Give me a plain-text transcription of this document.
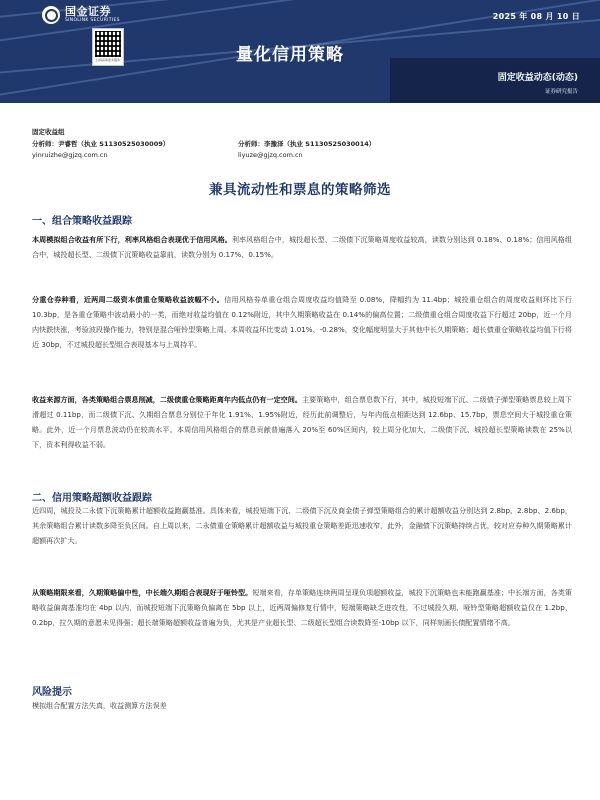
国金证券
SINOLINK SECURITIES	2025 年 08 月 10 日
扫码获取更多服务	量化信用策略
固定收益动态(动态)
证券研究报告
固定收益组
分析师：尹睿哲（执业 S1130525030009）
yinruizhe@gjzq.com.cn
分析师：李豫泽（执业 S1130525030014）
liyuze@gjzq.com.cn
兼具流动性和票息的策略筛选
一、组合策略收益跟踪
本周模拟组合收益有所下行，利率风格组合表现优于信用风格。利率风格组合中，城投超长型、二级债下沉策略周度收益较高，读数分别达到 0.18%、0.18%；信用风格组合中，城投超长型、二级债下沉策略收益靠前，读数分别为 0.17%、0.15%。
分重仓券种看，近两周二级资本债重仓策略收益波幅不小。信用风格券单重仓组合周度收益均值降至 0.08%，降幅约为 11.4bp；城投重仓组合的周度收益则环比下行 10.3bp，是各重仓策略中波动最小的一类，而绝对收益均值在 0.12%附近，其中久期策略收益在 0.14%的偏高位置；二级债重仓组合周度收益下行超过 20bp，近一个月内快跌快涨，考验波段操作能力，特别是混合哑铃型策略上周、本周收益环比变动 1.01%、-0.28%，变化幅度明显大于其他中长久期策略；超长债重仓策略收益均值下行将近 30bp，不过城投超长型组合表现基本与上周持平。
收益来源方面，各类策略组合票息削减，二级债重仓策略距离年内低点仍有一定空间。主要策略中，组合票息数下行，其中，城投短端下沉、二级债子弹型策略票息较上周下滑超过 0.11bp，而二级债下沉、久期组合票息分别位于年化 1.91%、1.95%附近，经历此前调整后，与年内低点相距达到 12.6bp、15.7bp，票息空间大于城投重仓策略。此外，近一个月票息波动仍在较高水平。本周信用风格组合的票息贡献普遍落入 20%至 60%区间内，较上周分化加大，二级债下沉、城投超长型策略读数在 25%以下，资本利得收益不弱。
二、信用策略超额收益跟踪
近四周，城投及二永债下沉策略累计超额收益跑赢基准。具体来看，城投短端下沉、二级债下沉及商金债子弹型策略组合的累计超额收益分别达到 2.8bp、2.8bp、2.6bp，其余策略组合累计读数多降至负区间。自上周以来，二永债重仓策略累计超额收益与城投重仓策略差距迅速收窄，此外，金融债下沉策略持续占优，较对应券种久期策略累计超额再次扩大。
从策略期限来看，久期策略偏中性，中长端久期组合表现好于哑铃型。短端来看，存单策略连续两周呈现负项超额收益，城投下沉策略也未能跑赢基准；中长端方面，各类策略收益偏离基准均在 4bp 以内，而城投短端下沉策略负偏离在 5bp 以上，近两周偏修复行情中，短端策略缺乏进攻性，不过城投久期、哑铃型策略超额收益仅在 1.2bp、0.2bp，拉久期的意愿未见得强；超长端策略超额收益普遍为负，尤其是产业超长型、二级超长型组合读数降至-10bp 以下，同样刻画长债配置情绪不高。
风险提示
模拟组合配置方法失真，收益测算方法误差
